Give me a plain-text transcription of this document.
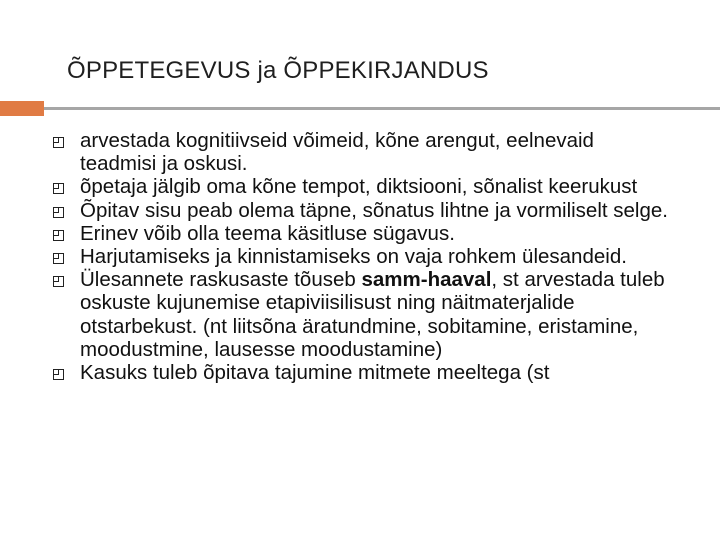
ÕPPETEGEVUS ja ÕPPEKIRJANDUS
arvestada kognitiivseid võimeid, kõne arengut, eelnevaid teadmisi ja oskusi.
õpetaja jälgib oma kõne tempot, diktsiooni, sõnalist keerukust
Õpitav sisu peab olema täpne, sõnatus lihtne ja vormiliselt selge.
Erinev võib olla teema käsitluse sügavus.
Harjutamiseks ja kinnistamiseks on vaja rohkem ülesandeid.
Ülesannete raskusaste tõuseb samm-haaval, st arvestada tuleb oskuste kujunemise etapiviisilisust ning näitmaterjalide otstarbekust. (nt liitsõna äratundmine, sobitamine, eristamine, moodustmine, lausesse moodustamine)
Kasuks tuleb õpitava tajumine mitmete meeltega (st
